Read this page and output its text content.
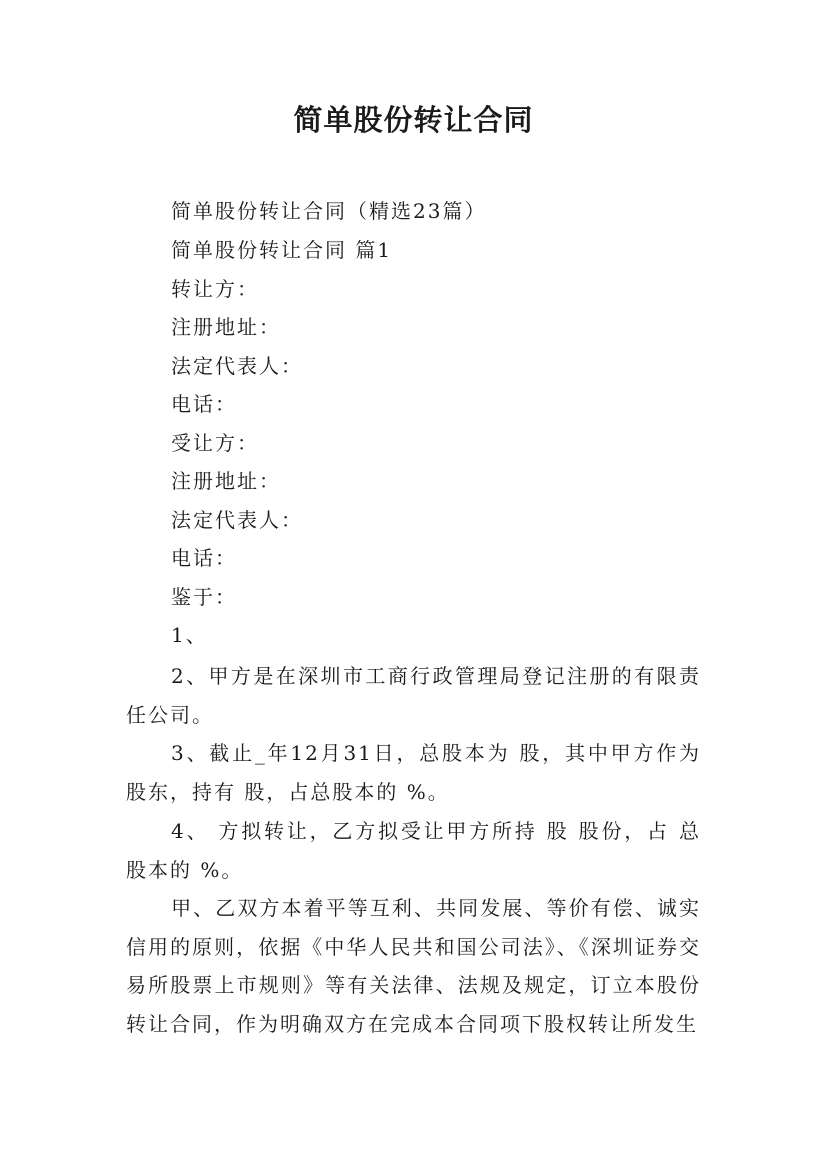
简单股份转让合同

简单股份转让合同（精选23篇）

简单股份转让合同 篇1

转让方：

注册地址：

法定代表人：

电话：

受让方：

注册地址：

法定代表人：

电话：

鉴于：

1、

2、甲方是在深圳市工商行政管理局登记注册的有限责任公司。

3、截止_年12月31日，总股本为 股，其中甲方作为股东，持有 股，占总股本的 %。

4、 方拟转让，乙方拟受让甲方所持 股 股份，占 总股本的 %。

甲、乙双方本着平等互利、共同发展、等价有偿、诚实信用的原则，依据《中华人民共和国公司法》、《深圳证券交易所股票上市规则》等有关法律、法规及规定，订立本股份转让合同，作为明确双方在完成本合同项下股权转让所发生
